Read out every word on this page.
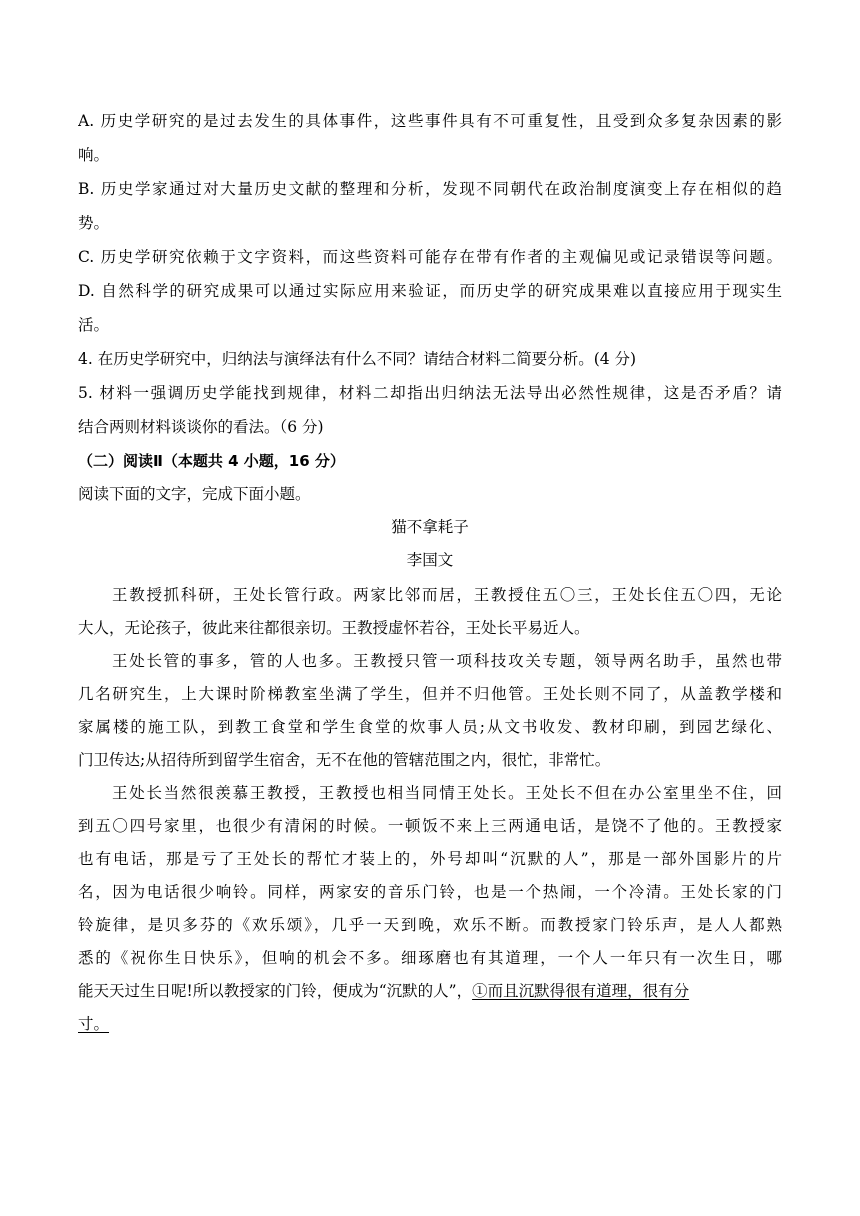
A. 历史学研究的是过去发生的具体事件，这些事件具有不可重复性，且受到众多复杂因素的影
响。
B. 历史学家通过对大量历史文献的整理和分析，发现不同朝代在政治制度演变上存在相似的趋
势。
C. 历史学研究依赖于文字资料，而这些资料可能存在带有作者的主观偏见或记录错误等问题。
D. 自然科学的研究成果可以通过实际应用来验证，而历史学的研究成果难以直接应用于现实生
活。
4. 在历史学研究中，归纳法与演绎法有什么不同？请结合材料二简要分析。(4 分)
5. 材料一强调历史学能找到规律，材料二却指出归纳法无法导出必然性规律，这是否矛盾？请
结合两则材料谈谈你的看法。（6 分)
（二）阅读Ⅱ（本题共 4 小题，16 分）
阅读下面的文字，完成下面小题。
猫不拿耗子
李国文
王教授抓科研，王处长管行政。两家比邻而居，王教授住五〇三，王处长住五〇四，无论
大人，无论孩子，彼此来往都很亲切。王教授虚怀若谷，王处长平易近人。
王处长管的事多，管的人也多。王教授只管一项科技攻关专题，领导两名助手，虽然也带
几名研究生，上大课时阶梯教室坐满了学生，但并不归他管。王处长则不同了，从盖教学楼和
家属楼的施工队，到教工食堂和学生食堂的炊事人员;从文书收发、教材印刷，到园艺绿化、
门卫传达;从招待所到留学生宿舍，无不在他的管辖范围之内，很忙，非常忙。
王处长当然很羡慕王教授，王教授也相当同情王处长。王处长不但在办公室里坐不住，回
到五〇四号家里，也很少有清闲的时候。一顿饭不来上三两通电话，是饶不了他的。王教授家
也有电话，那是亏了王处长的帮忙才装上的，外号却叫“沉默的人”，那是一部外国影片的片
名，因为电话很少响铃。同样，两家安的音乐门铃，也是一个热闹，一个冷清。王处长家的门
铃旋律，是贝多芬的《欢乐颂》，几乎一天到晚，欢乐不断。而教授家门铃乐声，是人人都熟
悉的《祝你生日快乐》，但响的机会不多。细琢磨也有其道理，一个人一年只有一次生日，哪
能天天过生日呢!所以教授家的门铃，便成为“沉默的人”，①而且沉默得很有道理，很有分
寸。
